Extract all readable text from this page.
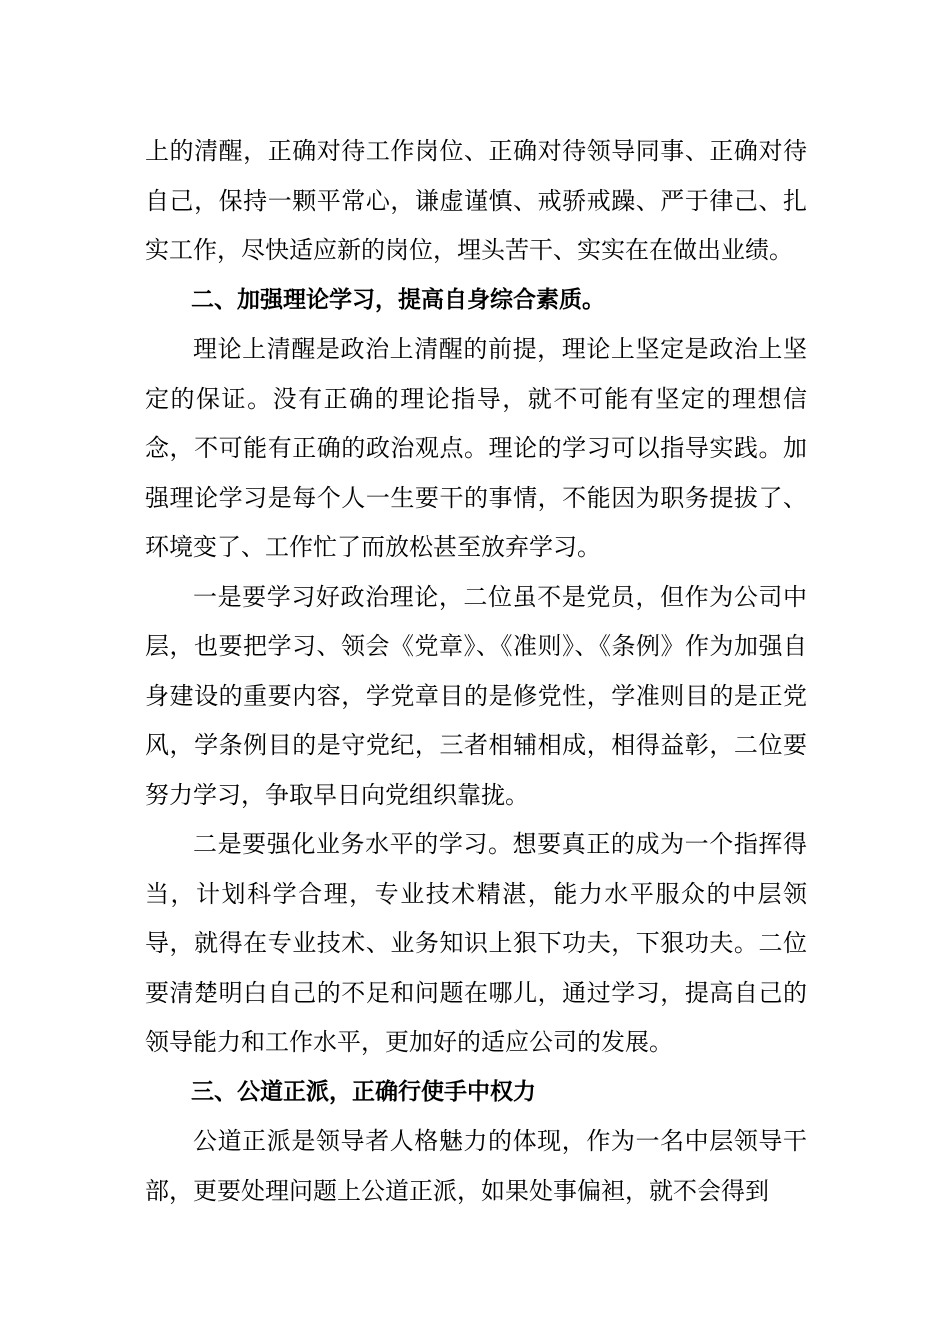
上的清醒，正确对待工作岗位、正确对待领导同事、正确对待自己，保持一颗平常心，谦虚谨慎、戒骄戒躁、严于律己、扎实工作，尽快适应新的岗位，埋头苦干、实实在在做出业绩。

二、加强理论学习，提高自身综合素质。

理论上清醒是政治上清醒的前提，理论上坚定是政治上坚定的保证。没有正确的理论指导，就不可能有坚定的理想信念，不可能有正确的政治观点。理论的学习可以指导实践。加强理论学习是每个人一生要干的事情，不能因为职务提拔了、环境变了、工作忙了而放松甚至放弃学习。

一是要学习好政治理论，二位虽不是党员，但作为公司中层，也要把学习、领会《党章》、《准则》、《条例》作为加强自身建设的重要内容，学党章目的是修党性，学准则目的是正党风，学条例目的是守党纪，三者相辅相成，相得益彰，二位要努力学习，争取早日向党组织靠拢。

二是要强化业务水平的学习。想要真正的成为一个指挥得当，计划科学合理，专业技术精湛，能力水平服众的中层领导，就得在专业技术、业务知识上狠下功夫，下狠功夫。二位要清楚明白自己的不足和问题在哪儿，通过学习，提高自己的领导能力和工作水平，更加好的适应公司的发展。

三、公道正派，正确行使手中权力

公道正派是领导者人格魅力的体现，作为一名中层领导干部，更要处理问题上公道正派，如果处事偏袒，就不会得到
